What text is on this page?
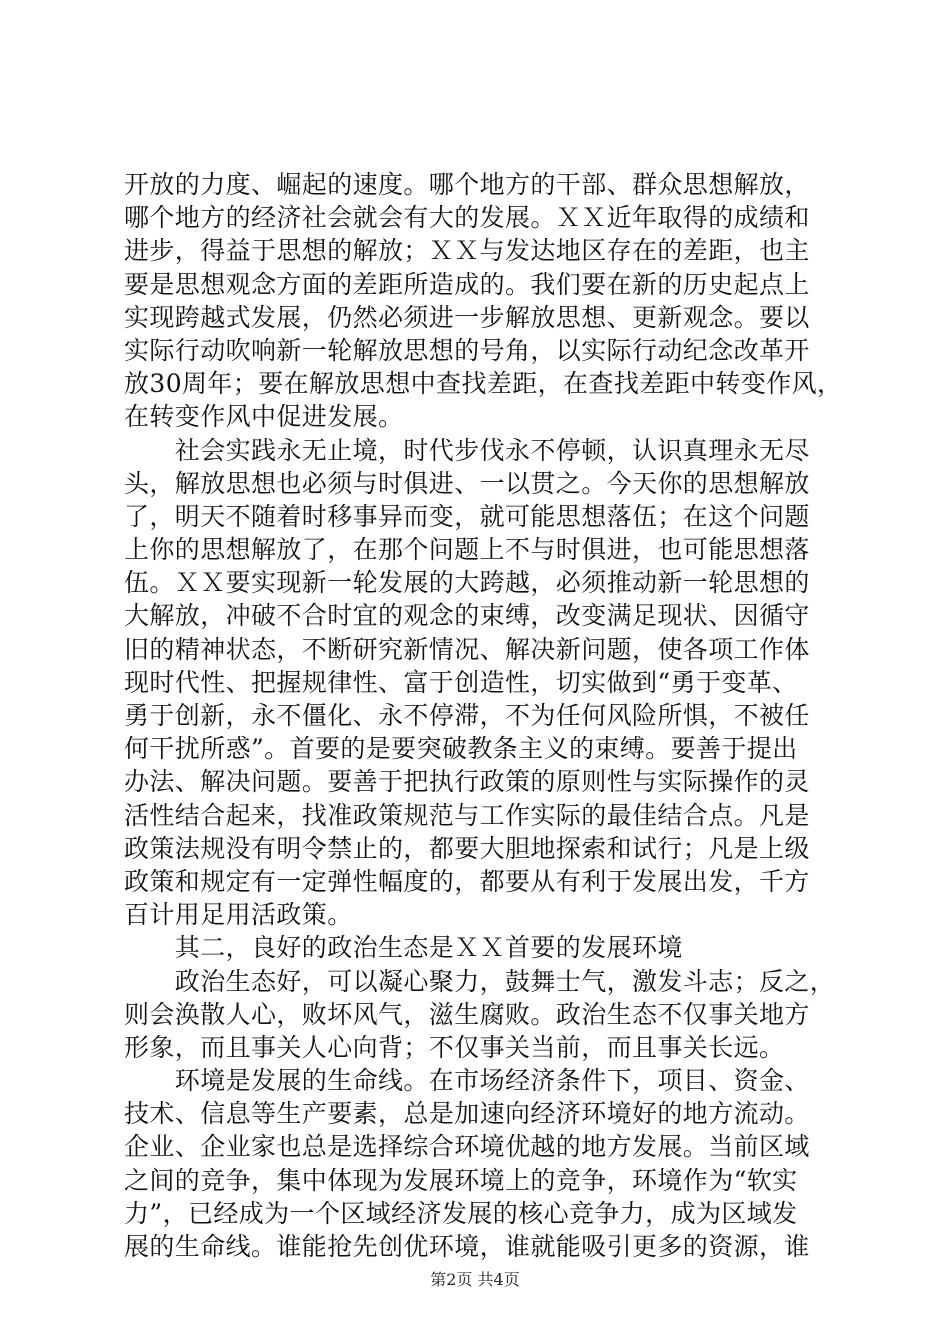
开放的力度、崛起的速度。哪个地方的干部、群众思想解放，
哪个地方的经济社会就会有大的发展。ＸＸ近年取得的成绩和
进步，得益于思想的解放；ＸＸ与发达地区存在的差距，也主
要是思想观念方面的差距所造成的。我们要在新的历史起点上
实现跨越式发展，仍然必须进一步解放思想、更新观念。要以
实际行动吹响新一轮解放思想的号角，以实际行动纪念改革开
放30周年；要在解放思想中查找差距，在查找差距中转变作风，
在转变作风中促进发展。
　　社会实践永无止境，时代步伐永不停顿，认识真理永无尽
头，解放思想也必须与时俱进、一以贯之。今天你的思想解放
了，明天不随着时移事异而变，就可能思想落伍；在这个问题
上你的思想解放了，在那个问题上不与时俱进，也可能思想落
伍。ＸＸ要实现新一轮发展的大跨越，必须推动新一轮思想的
大解放，冲破不合时宜的观念的束缚，改变满足现状、因循守
旧的精神状态，不断研究新情况、解决新问题，使各项工作体
现时代性、把握规律性、富于创造性，切实做到“勇于变革、
勇于创新，永不僵化、永不停滞，不为任何风险所惧，不被任
何干扰所惑”。首要的是要突破教条主义的束缚。要善于提出
办法、解决问题。要善于把执行政策的原则性与实际操作的灵
活性结合起来，找准政策规范与工作实际的最佳结合点。凡是
政策法规没有明令禁止的，都要大胆地探索和试行；凡是上级
政策和规定有一定弹性幅度的，都要从有利于发展出发，千方
百计用足用活政策。
　　其二，良好的政治生态是ＸＸ首要的发展环境
　　政治生态好，可以凝心聚力，鼓舞士气，激发斗志；反之，
则会涣散人心，败坏风气，滋生腐败。政治生态不仅事关地方
形象，而且事关人心向背；不仅事关当前，而且事关长远。
　　环境是发展的生命线。在市场经济条件下，项目、资金、
技术、信息等生产要素，总是加速向经济环境好的地方流动。
企业、企业家也总是选择综合环境优越的地方发展。当前区域
之间的竞争，集中体现为发展环境上的竞争，环境作为“软实
力”，已经成为一个区域经济发展的核心竞争力，成为区域发
展的生命线。谁能抢先创优环境，谁就能吸引更多的资源，谁
第2页 共4页
